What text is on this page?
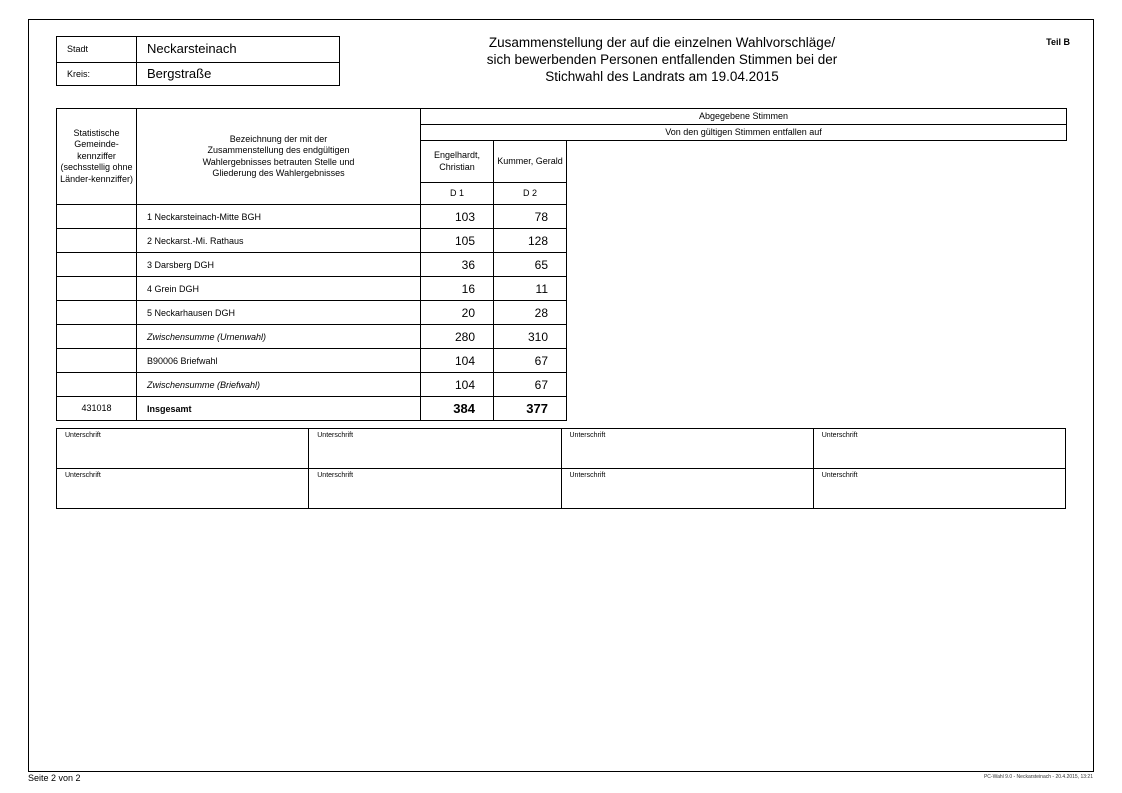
Stadt	Neckarsteinach
Kreis:	Bergstraße
Zusammenstellung der auf die einzelnen Wahlvorschläge/
sich bewerbenden Personen entfallenden Stimmen bei der
Stichwahl des Landrats am 19.04.2015
Teil B
Statistische Gemeinde-kennziffer (sechsstellig ohne Länder-kennziffer)	Bezeichnung der mit der Zusammenstellung des endgültigen Wahlergebnisses betrauten Stelle und Gliederung des Wahlergebnisses	Abgegebene Stimmen		
		Von den gültigen Stimmen entfallen auf		
		Engelhardt, Christian	Kummer, Gerald	
		D 1	D 2	
	1 Neckarsteinach-Mitte BGH	103	78	
	2 Neckarst.-Mi. Rathaus	105	128	
	3 Darsberg DGH	36	65	
	4 Grein DGH	16	11	
	5 Neckarhausen DGH	20	28	
	Zwischensumme (Urnenwahl)	280	310	
	B90006 Briefwahl	104	67	
	Zwischensumme (Briefwahl)	104	67	
431018	Insgesamt	384	377	
Unterschrift	Unterschrift	Unterschrift	Unterschrift
Unterschrift	Unterschrift	Unterschrift	Unterschrift
Seite 2 von 2	PC-Wahl 9.0 - Neckarsteinach - 20.4.2015, 13:21
